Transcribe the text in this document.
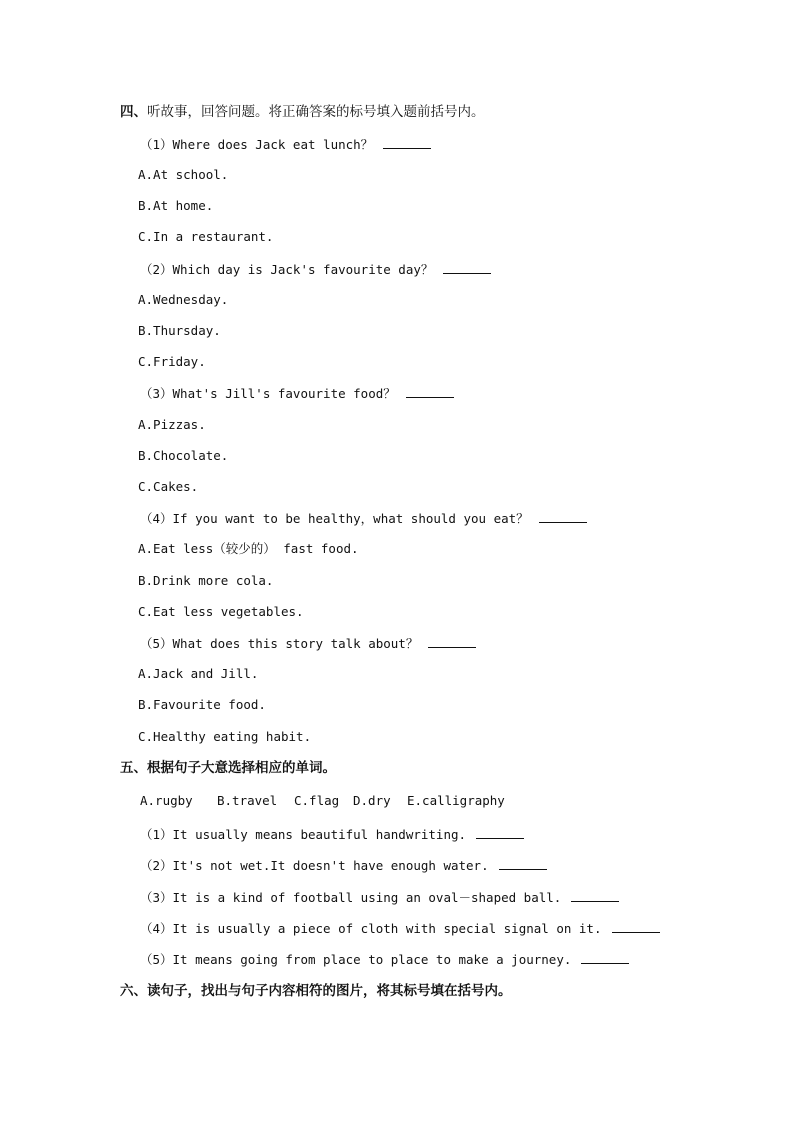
四、听故事，回答问题。将正确答案的标号填入题前括号内。
（1）Where does Jack eat lunch？
A.At school.
B.At home.
C.In a restaurant.
（2）Which day is Jack's favourite day？
A.Wednesday.
B.Thursday.
C.Friday.
（3）What's Jill's favourite food？
A.Pizzas.
B.Chocolate.
C.Cakes.
（4）If you want to be healthy，what should you eat？
A.Eat less（较少的） fast food.
B.Drink more cola.
C.Eat less vegetables.
（5）What does this story talk about？
A.Jack and Jill.
B.Favourite food.
C.Healthy eating habit.
五、根据句子大意选择相应的单词。
A.rugby B.travel C.flag D.dry E.calligraphy
（1）It usually means beautiful handwriting.
（2）It's not wet.It doesn't have enough water.
（3）It is a kind of football using an oval－shaped ball.
（4）It is usually a piece of cloth with special signal on it.
（5）It means going from place to place to make a journey.
六、读句子，找出与句子内容相符的图片，将其标号填在括号内。
